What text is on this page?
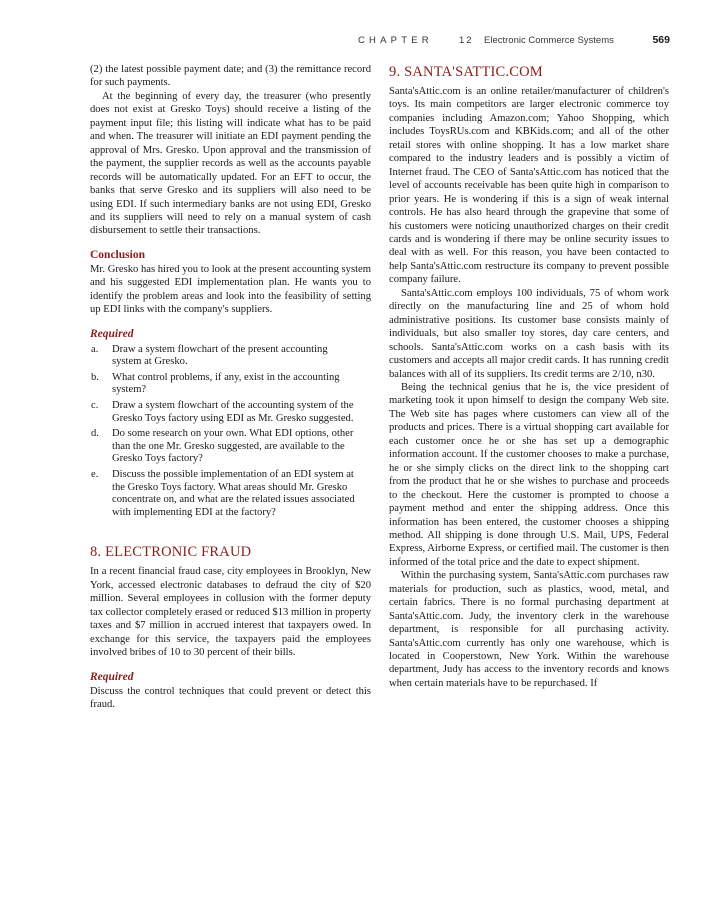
CHAPTER	12 Electronic Commerce Systems	569

(2) the latest possible payment date; and (3) the remittance record for such payments.

At the beginning of every day, the treasurer (who presently does not exist at Gresko Toys) should receive a listing of the payment input file; this listing will indicate what has to be paid and when. The treasurer will initiate an EDI payment pending the approval of Mrs. Gresko. Upon approval and the transmission of the payment, the supplier records as well as the accounts payable records will be automatically updated. For an EFT to occur, the banks that serve Gresko and its suppliers will also need to be using EDI. If such intermediary banks are not using EDI, Gresko and its suppliers will need to rely on a manual system of cash disbursement to settle their transactions.

Conclusion

Mr. Gresko has hired you to look at the present accounting system and his suggested EDI implementation plan. He wants you to identify the problem areas and look into the feasibility of setting up EDI links with the company's suppliers.

Required
a. Draw a system flowchart of the present accounting system at Gresko.
b. What control problems, if any, exist in the accounting system?
c. Draw a system flowchart of the accounting system of the Gresko Toys factory using EDI as Mr. Gresko suggested.
d. Do some research on your own. What EDI options, other than the one Mr. Gresko suggested, are available to the Gresko Toys factory?
e. Discuss the possible implementation of an EDI system at the Gresko Toys factory. What areas should Mr. Gresko concentrate on, and what are the related issues associated with implementing EDI at the factory?
8. ELECTRONIC FRAUD

In a recent financial fraud case, city employees in Brooklyn, New York, accessed electronic databases to defraud the city of $20 million. Several employees in collusion with the former deputy tax collector completely erased or reduced $13 million in property taxes and $7 million in accrued interest that taxpayers owed. In exchange for this service, the taxpayers paid the employees involved bribes of 10 to 30 percent of their bills.

Required

Discuss the control techniques that could prevent or detect this fraud.

9. SANTA'SATTIC.COM

Santa'sAttic.com is an online retailer/manufacturer of children's toys. Its main competitors are larger electronic commerce toy companies including Amazon.com; Yahoo Shopping, which includes ToysRUs.com and KBKids.com; and all of the other retail stores with online shopping. It has a low market share compared to the industry leaders and is possibly a victim of Internet fraud. The CEO of Santa'sAttic.com has noticed that the level of accounts receivable has been quite high in comparison to prior years. He is wondering if this is a sign of weak internal controls. He has also heard through the grapevine that some of his customers were noticing unauthorized charges on their credit cards and is wondering if there may be online security issues to deal with as well. For this reason, you have been contacted to help Santa'sAttic.com restructure its company to prevent possible company failure.

Santa'sAttic.com employs 100 individuals, 75 of whom work directly on the manufacturing line and 25 of whom hold administrative positions. Its customer base consists mainly of individuals, but also smaller toy stores, day care centers, and schools. Santa'sAttic.com works on a cash basis with its customers and accepts all major credit cards. It has running credit balances with all of its suppliers. Its credit terms are 2/10, n30.

Being the technical genius that he is, the vice president of marketing took it upon himself to design the company Web site. The Web site has pages where customers can view all of the products and prices. There is a virtual shopping cart available for each customer once he or she has set up a demographic information account. If the customer chooses to make a purchase, he or she simply clicks on the direct link to the shopping cart from the product that he or she wishes to purchase and proceeds to the checkout. Here the customer is prompted to choose a payment method and enter the shipping address. Once this information has been entered, the customer chooses a shipping method. All shipping is done through U.S. Mail, UPS, Federal Express, Airborne Express, or certified mail. The customer is then informed of the total price and the date to expect shipment.

Within the purchasing system, Santa'sAttic.com purchases raw materials for production, such as plastics, wood, metal, and certain fabrics. There is no formal purchasing department at Santa'sAttic.com. Judy, the inventory clerk in the warehouse department, is responsible for all purchasing activity. Santa'sAttic.com currently has only one warehouse, which is located in Cooperstown, New York. Within the warehouse department, Judy has access to the inventory records and knows when certain materials have to be repurchased. If
